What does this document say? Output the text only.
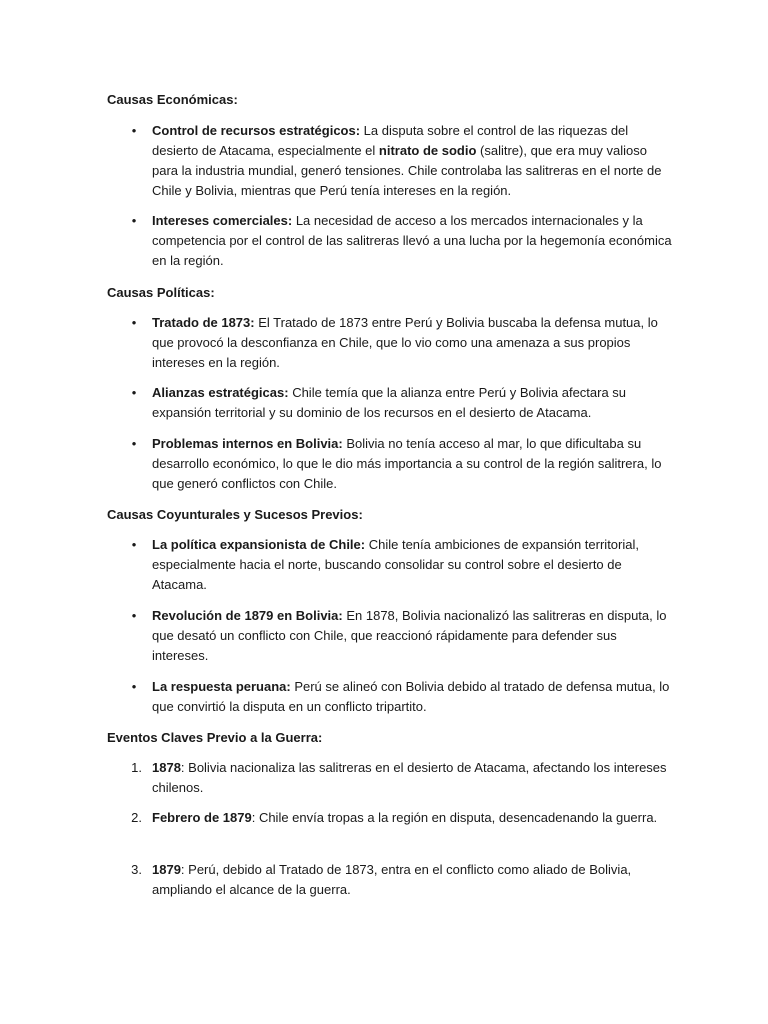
Causas Económicas:

• Control de recursos estratégicos: La disputa sobre el control de las riquezas del desierto de Atacama, especialmente el nitrato de sodio (salitre), que era muy valioso para la industria mundial, generó tensiones. Chile controlaba las salitreras en el norte de Chile y Bolivia, mientras que Perú tenía intereses en la región.

• Intereses comerciales: La necesidad de acceso a los mercados internacionales y la competencia por el control de las salitreras llevó a una lucha por la hegemonía económica en la región.

Causas Políticas:

• Tratado de 1873: El Tratado de 1873 entre Perú y Bolivia buscaba la defensa mutua, lo que provocó la desconfianza en Chile, que lo vio como una amenaza a sus propios intereses en la región.

• Alianzas estratégicas: Chile temía que la alianza entre Perú y Bolivia afectara su expansión territorial y su dominio de los recursos en el desierto de Atacama.

• Problemas internos en Bolivia: Bolivia no tenía acceso al mar, lo que dificultaba su desarrollo económico, lo que le dio más importancia a su control de la región salitrera, lo que generó conflictos con Chile.

Causas Coyunturales y Sucesos Previos:

• La política expansionista de Chile: Chile tenía ambiciones de expansión territorial, especialmente hacia el norte, buscando consolidar su control sobre el desierto de Atacama.

• Revolución de 1879 en Bolivia: En 1878, Bolivia nacionalizó las salitreras en disputa, lo que desató un conflicto con Chile, que reaccionó rápidamente para defender sus intereses.

• La respuesta peruana: Perú se alineó con Bolivia debido al tratado de defensa mutua, lo que convirtió la disputa en un conflicto tripartito.

Eventos Claves Previo a la Guerra:

1. 1878: Bolivia nacionaliza las salitreras en el desierto de Atacama, afectando los intereses chilenos.

2. Febrero de 1879: Chile envía tropas a la región en disputa, desencadenando la guerra.

3. 1879: Perú, debido al Tratado de 1873, entra en el conflicto como aliado de Bolivia, ampliando el alcance de la guerra.
